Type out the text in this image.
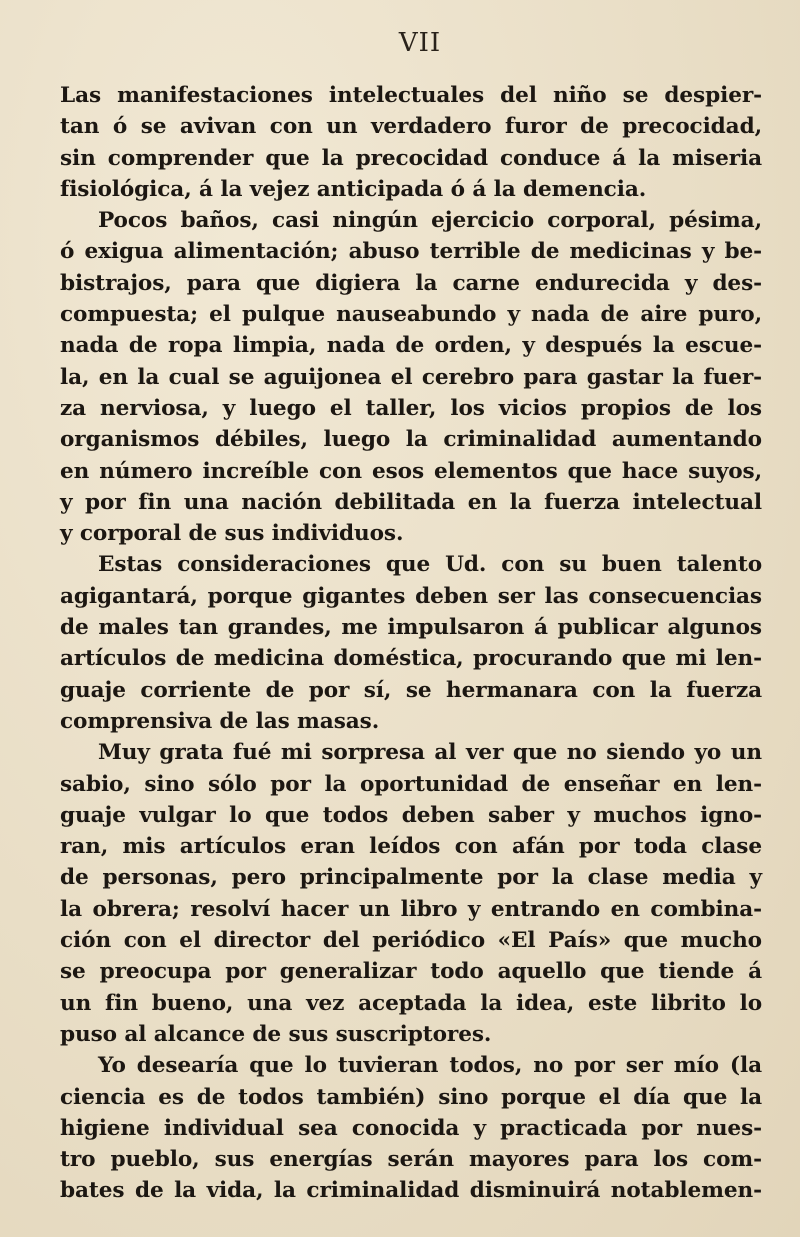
VII
Las manifestaciones intelectuales del niño se despier-
tan ó se avivan con un verdadero furor de precocidad,
sin comprender que la precocidad conduce á la miseria
fisiológica, á la vejez anticipada ó á la demencia.
Pocos baños, casi ningún ejercicio corporal, pésima,
ó exigua alimentación; abuso terrible de medicinas y be-
bistrajos, para que digiera la carne endurecida y des-
compuesta; el pulque nauseabundo y nada de aire puro,
nada de ropa limpia, nada de orden, y después la escue-
la, en la cual se aguijonea el cerebro para gastar la fuer-
za nerviosa, y luego el taller, los vicios propios de los
organismos débiles, luego la criminalidad aumentando
en número increíble con esos elementos que hace suyos,
y por fin una nación debilitada en la fuerza intelectual
y corporal de sus individuos.
Estas consideraciones que Ud. con su buen talento
agigantará, porque gigantes deben ser las consecuencias
de males tan grandes, me impulsaron á publicar algunos
artículos de medicina doméstica, procurando que mi len-
guaje corriente de por sí, se hermanara con la fuerza
comprensiva de las masas.
Muy grata fué mi sorpresa al ver que no siendo yo un
sabio, sino sólo por la oportunidad de enseñar en len-
guaje vulgar lo que todos deben saber y muchos igno-
ran, mis artículos eran leídos con afán por toda clase
de personas, pero principalmente por la clase media y
la obrera; resolví hacer un libro y entrando en combina-
ción con el director del periódico «El País» que mucho
se preocupa por generalizar todo aquello que tiende á
un fin bueno, una vez aceptada la idea, este librito lo
puso al alcance de sus suscriptores.
Yo desearía que lo tuvieran todos, no por ser mío (la
ciencia es de todos también) sino porque el día que la
higiene individual sea conocida y practicada por nues-
tro pueblo, sus energías serán mayores para los com-
bates de la vida, la criminalidad disminuirá notablemen-
